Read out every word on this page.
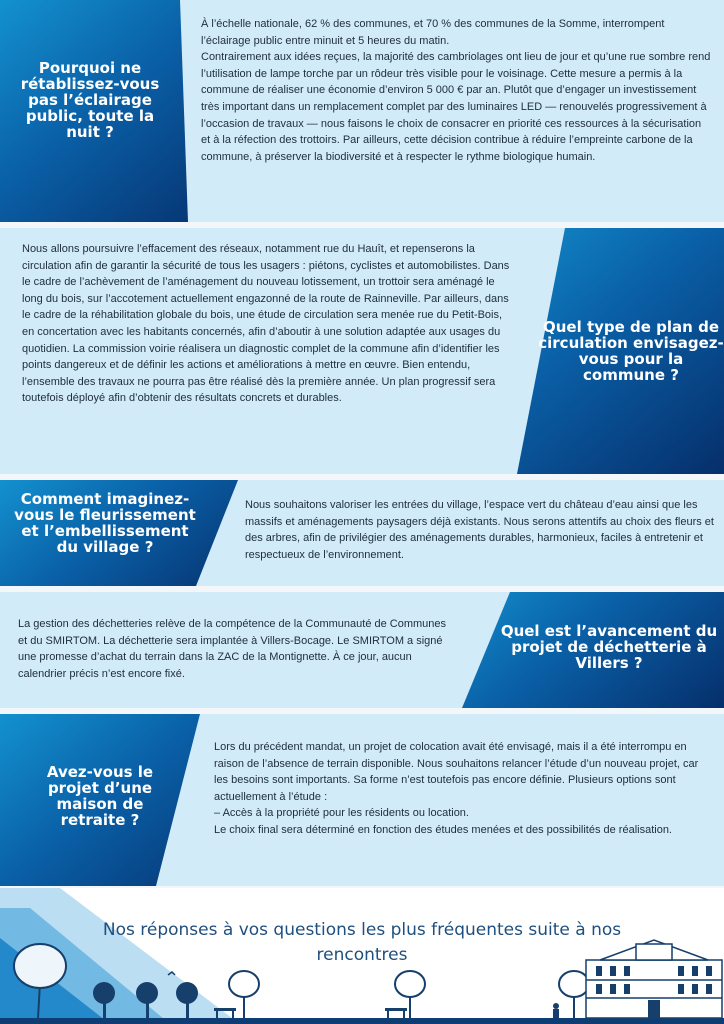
Pourquoi ne rétablissez-vous pas l’éclairage public, toute la nuit ?

À l’échelle nationale, 62 % des communes, et 70 % des communes de la Somme, interrompent l’éclairage public entre minuit et 5 heures du matin.

Contrairement aux idées reçues, la majorité des cambriolages ont lieu de jour et qu’une rue sombre rend l’utilisation de lampe torche par un rôdeur très visible pour le voisinage. Cette mesure a permis à la commune de réaliser une économie d’environ 5 000 € par an. Plutôt que d’engager un investissement très important dans un remplacement complet par des luminaires LED — renouvelés progressivement à l’occasion de travaux — nous faisons le choix de consacrer en priorité ces ressources à la sécurisation et à la réfection des trottoirs. Par ailleurs, cette décision contribue à réduire l’empreinte carbone de la commune, à préserver la biodiversité et à respecter le rythme biologique humain.

Quel type de plan de circulation envisagez-vous pour la commune ?

Nous allons poursuivre l’effacement des réseaux, notamment rue du Hauît, et repenserons la circulation afin de garantir la sécurité de tous les usagers : piétons, cyclistes et automobilistes. Dans le cadre de l’achèvement de l’aménagement du nouveau lotissement, un trottoir sera aménagé le long du bois, sur l’accotement actuellement engazonné de la route de Rainneville. Par ailleurs, dans le cadre de la réhabilitation globale du bois, une étude de circulation sera menée rue du Petit-Bois, en concertation avec les habitants concernés, afin d’aboutir à une solution adaptée aux usages du quotidien. La commission voirie réalisera un diagnostic complet de la commune afin d’identifier les points dangereux et de définir les actions et améliorations à mettre en œuvre. Bien entendu, l’ensemble des travaux ne pourra pas être réalisé dès la première année. Un plan progressif sera toutefois déployé afin d’obtenir des résultats concrets et durables.

Comment imaginez-vous le fleurissement et l’embellissement du village ?

Nous souhaitons valoriser les entrées du village, l’espace vert du château d’eau ainsi que les massifs et aménagements paysagers déjà existants. Nous serons attentifs au choix des fleurs et des arbres, afin de privilégier des aménagements durables, harmonieux, faciles à entretenir et respectueux de l’environnement.

Quel est l’avancement du projet de déchetterie à Villers ?

La gestion des déchetteries relève de la compétence de la Communauté de Communes et du SMIRTOM. La déchetterie sera implantée à Villers-Bocage. Le SMIRTOM a signé une promesse d’achat du terrain dans la ZAC de la Montignette. À ce jour, aucun calendrier précis n’est encore fixé.

Avez-vous le projet d’une maison de retraite ?

Lors du précédent mandat, un projet de colocation avait été envisagé, mais il a été interrompu en raison de l’absence de terrain disponible. Nous souhaitons relancer l’étude d’un nouveau projet, car les besoins sont importants. Sa forme n’est toutefois pas encore définie. Plusieurs options sont actuellement à l’étude :

– Accès à la propriété pour les résidents ou location.

Le choix final sera déterminé en fonction des études menées et des possibilités de réalisation.

Nos réponses à vos questions les plus fréquentes suite à nos rencontres
